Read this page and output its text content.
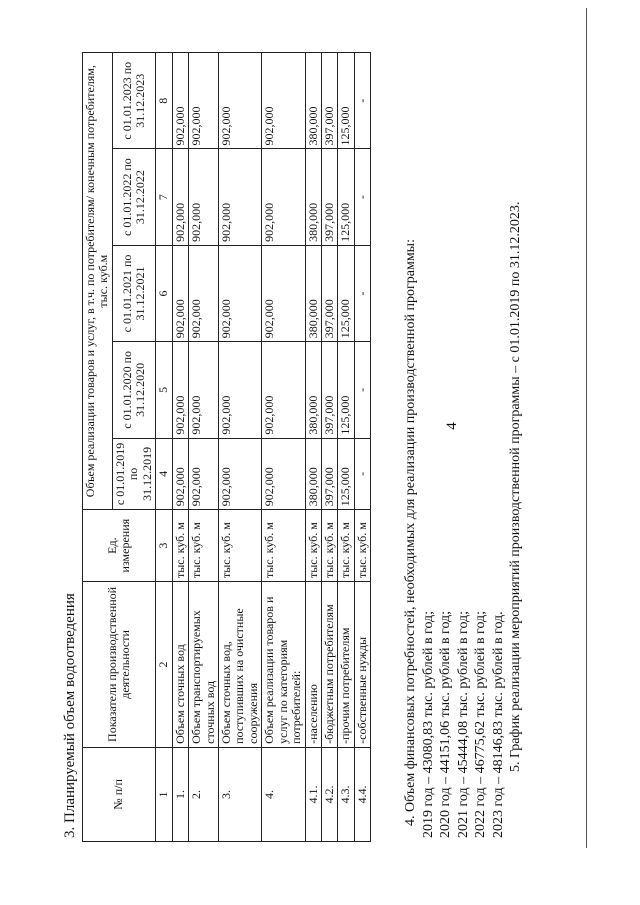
4
3. Планируемый объем водоотведения	№ п/п	Показатели производственной деятельности	Ед. измерения	Объем реализации товаров и услуг, в т.ч. по потребителям/ конечным потребителям, тыс. куб.м				
			с 01.01.2019 по 31.12.2019	с 01.01.2020 по 31.12.2020	с 01.01.2021 по 31.12.2021	с 01.01.2022 по 31.12.2022	с 01.01.2023 по 31.12.2023
1	2	3	4	5	6	7	8
1.	Объем сточных вод	тыс. куб. м	902,000	902,000	902,000	902,000	902,000
2.	Объем транспортируемых сточных вод	тыс. куб. м	902,000	902,000	902,000	902,000	902,000
3.	Объем сточных вод, поступивших на очистные сооружения	тыс. куб. м	902,000	902,000	902,000	902,000	902,000
4.	Объем реализации товаров и услуг по категориям потребителей:	тыс. куб. м	902,000	902,000	902,000	902,000	902,000
4.1.	-населению	тыс. куб. м	380,000	380,000	380,000	380,000	380,000
4.2.	-бюджетным потребителям	тыс. куб. м	397,000	397,000	397,000	397,000	397,000
4.3.	-прочим потребителям	тыс. куб. м	125,000	125,000	125,000	125,000	125,000
4.4.	-собственные нужды	тыс. куб. м	-	-	-	-	-
4. Объем финансовых потребностей, необходимых для реализации производственной программы: 2019 год – 43080,83 тыс. рублей в год; 2020 год – 44151,06 тыс. рублей в год; 2021 год – 45444,08 тыс. рублей в год; 2022 год – 46775,62 тыс. рублей в год; 2023 год – 48146,83 тыс. рублей в год. 5. График реализации мероприятий производственной программы – с 01.01.2019 по 31.12.2023.
